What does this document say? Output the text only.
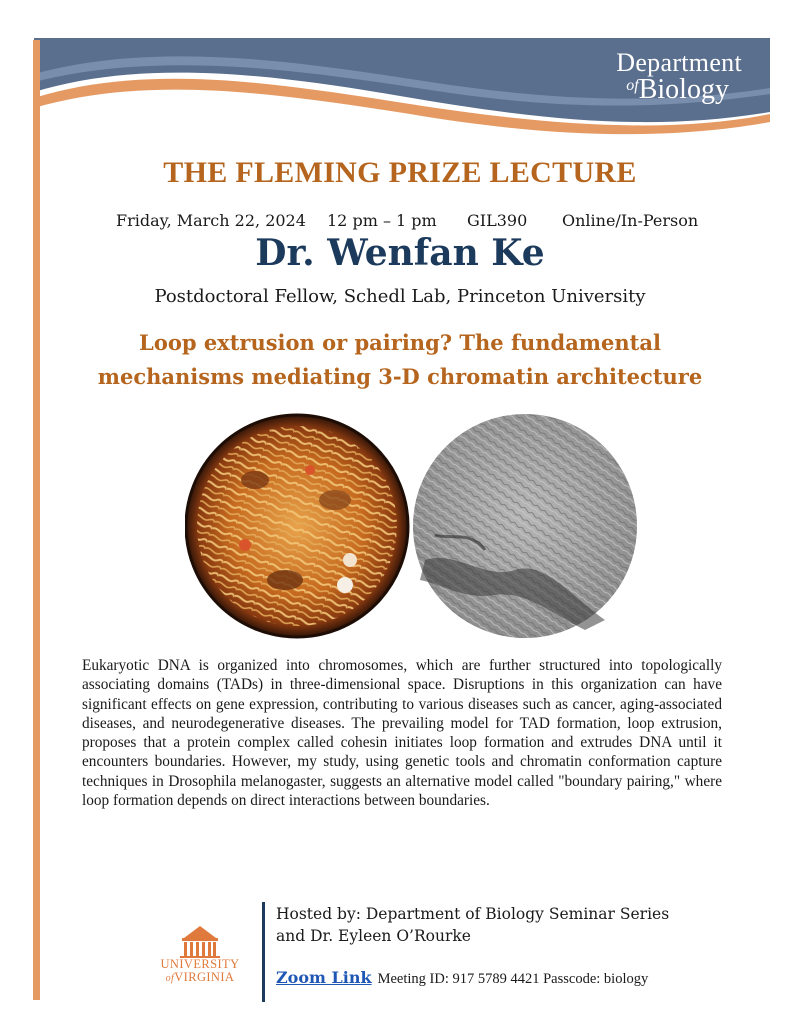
Department
ofBiology
THE FLEMING PRIZE LECTURE
Friday, March 22, 2024 12 pm – 1 pm GIL390 Online/In-Person
Dr. Wenfan Ke
Postdoctoral Fellow, Schedl Lab, Princeton University
Loop extrusion or pairing? The fundamental
mechanisms mediating 3-D chromatin architecture

Eukaryotic DNA is organized into chromosomes, which are further structured into topologically associating domains (TADs) in three-dimensional space. Disruptions in this organization can have significant effects on gene expression, contributing to various diseases such as cancer, aging-associated diseases, and neurodegenerative diseases. The prevailing model for TAD formation, loop extrusion, proposes that a protein complex called cohesin initiates loop formation and extrudes DNA until it encounters boundaries. However, my study, using genetic tools and chromatin conformation capture techniques in Drosophila melanogaster, suggests an alternative model called "boundary pairing," where loop formation depends on direct interactions between boundaries.

UNIVERSITY
ofVIRGINIA
Hosted by: Department of Biology Seminar Series
and Dr. Eyleen O’Rourke
Zoom Link Meeting ID: 917 5789 4421 Passcode: biology
